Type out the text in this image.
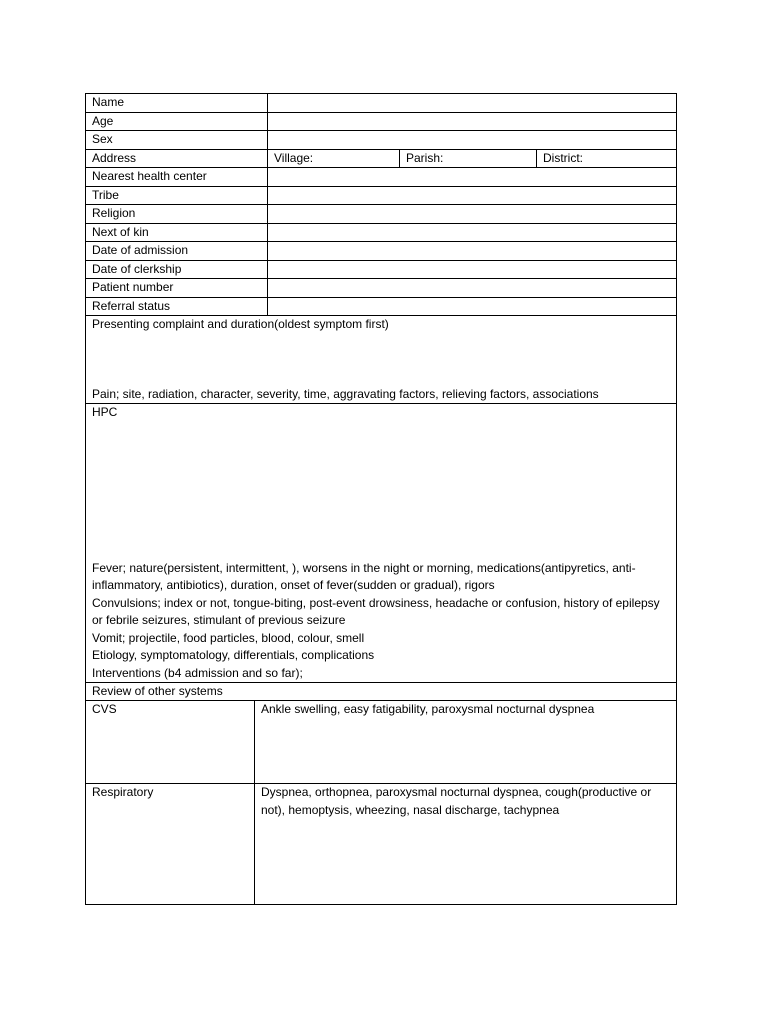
Name
Age
Sex
Address	Village:	Parish:	District:
Nearest health center
Tribe
Religion
Next of kin
Date of admission
Date of clerkship
Patient number
Referral status
Presenting complaint and duration(oldest symptom first)
Pain; site, radiation, character, severity, time, aggravating factors, relieving factors, associations
HPC
Fever; nature(persistent, intermittent, ), worsens in the night or morning, medications(antipyretics, anti-inflammatory, antibiotics), duration, onset of fever(sudden or gradual), rigors
Convulsions; index or not, tongue-biting, post-event drowsiness, headache or confusion, history of epilepsy or febrile seizures, stimulant of previous seizure
Vomit; projectile, food particles, blood, colour, smell
Etiology, symptomatology, differentials, complications
Interventions (b4 admission and so far);
Review of other systems
CVS	Ankle swelling, easy fatigability, paroxysmal nocturnal dyspnea
Respiratory	Dyspnea, orthopnea, paroxysmal nocturnal dyspnea, cough(productive or not), hemoptysis, wheezing, nasal discharge, tachypnea
